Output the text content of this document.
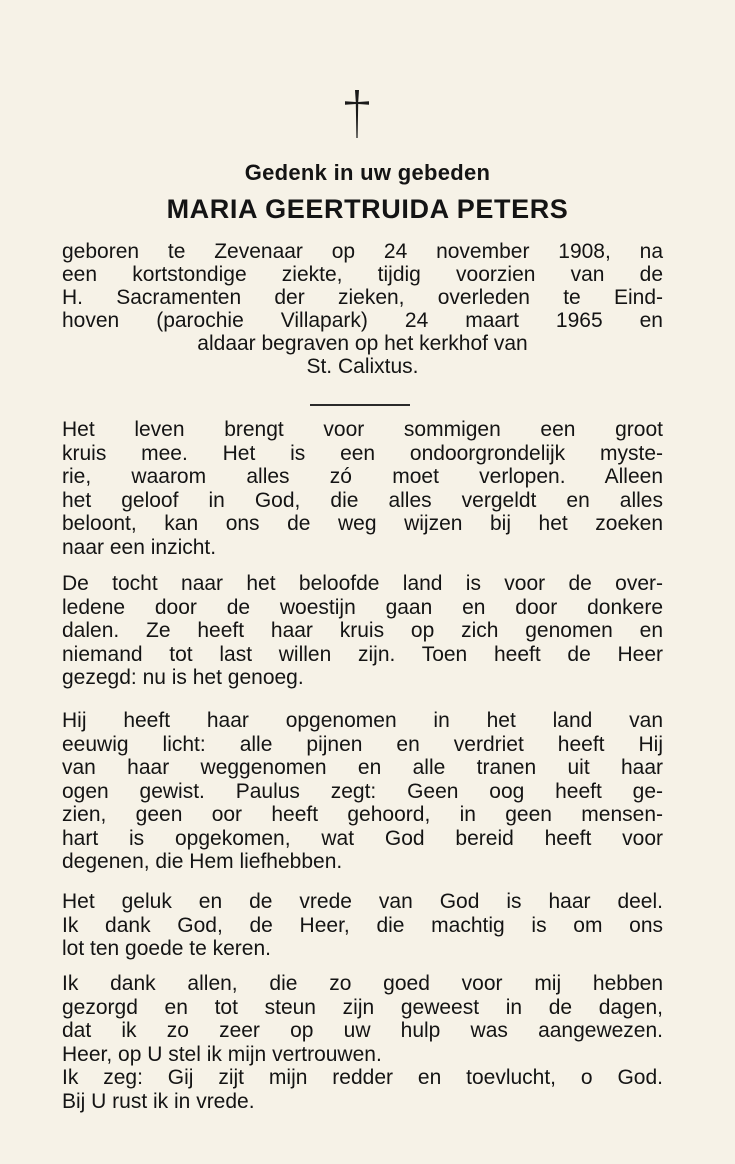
Gedenk in uw gebeden
MARIA GEERTRUIDA PETERS
geboren te Zevenaar op 24 november 1908, na
een kortstondige ziekte, tijdig voorzien van de
H. Sacramenten der zieken, overleden te Eind-
hoven (parochie Villapark) 24 maart 1965 en
aldaar begraven op het kerkhof van
St. Calixtus.
Het leven brengt voor sommigen een groot
kruis mee. Het is een ondoorgrondelijk myste-
rie, waarom alles zó moet verlopen. Alleen
het geloof in God, die alles vergeldt en alles
beloont, kan ons de weg wijzen bij het zoeken
naar een inzicht.
De tocht naar het beloofde land is voor de over-
ledene door de woestijn gaan en door donkere
dalen. Ze heeft haar kruis op zich genomen en
niemand tot last willen zijn. Toen heeft de Heer
gezegd: nu is het genoeg.
Hij heeft haar opgenomen in het land van
eeuwig licht: alle pijnen en verdriet heeft Hij
van haar weggenomen en alle tranen uit haar
ogen gewist. Paulus zegt: Geen oog heeft ge-
zien, geen oor heeft gehoord, in geen mensen-
hart is opgekomen, wat God bereid heeft voor
degenen, die Hem liefhebben.
Het geluk en de vrede van God is haar deel.
Ik dank God, de Heer, die machtig is om ons
lot ten goede te keren.
Ik dank allen, die zo goed voor mij hebben
gezorgd en tot steun zijn geweest in de dagen,
dat ik zo zeer op uw hulp was aangewezen.
Heer, op U stel ik mijn vertrouwen.
Ik zeg: Gij zijt mijn redder en toevlucht, o God.
Bij U rust ik in vrede.
